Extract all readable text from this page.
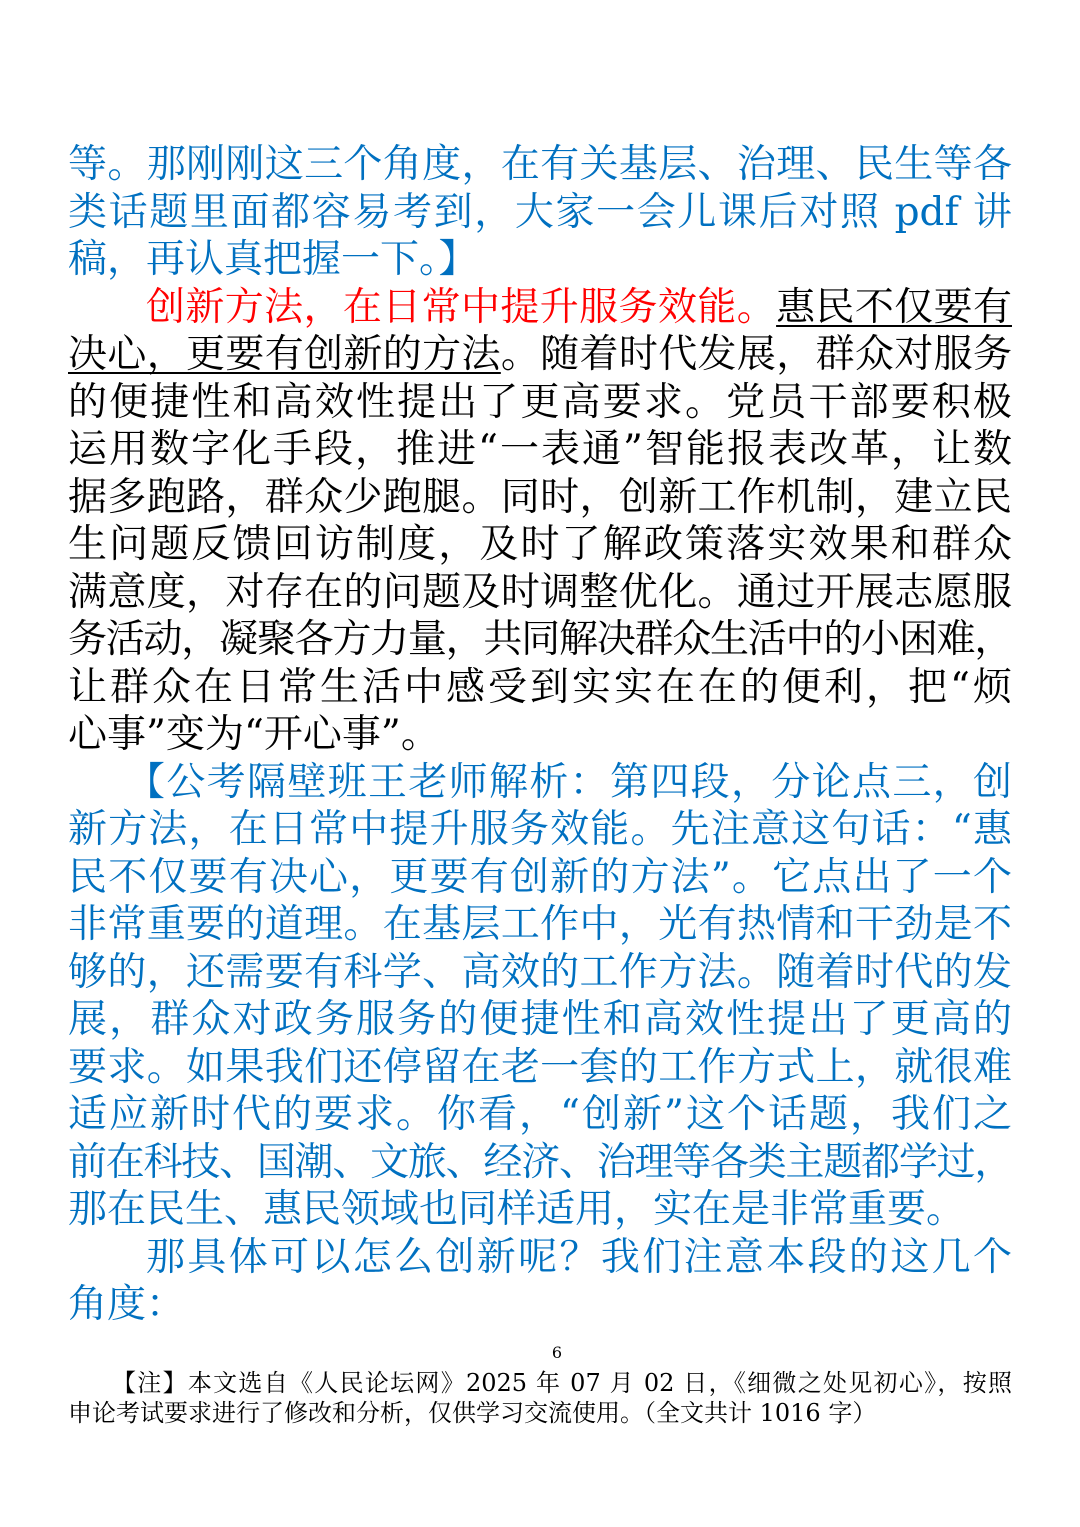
等。那刚刚这三个角度，在有关基层、治理、民生等各
类话题里面都容易考到，大家一会儿课后对照 pdf 讲
稿，再认真把握一下。】
创新方法，在日常中提升服务效能。惠民不仅要有
决心，更要有创新的方法。随着时代发展，群众对服务
的便捷性和高效性提出了更高要求。党员干部要积极
运用数字化手段，推进“一表通”智能报表改革，让数
据多跑路，群众少跑腿。同时，创新工作机制，建立民
生问题反馈回访制度，及时了解政策落实效果和群众
满意度，对存在的问题及时调整优化。通过开展志愿服
务活动，凝聚各方力量，共同解决群众生活中的小困难，
让群众在日常生活中感受到实实在在的便利，把“烦
心事”变为“开心事”。
【公考隔壁班王老师解析：第四段，分论点三，创
新方法，在日常中提升服务效能。先注意这句话：“惠
民不仅要有决心，更要有创新的方法”。它点出了一个
非常重要的道理。在基层工作中，光有热情和干劲是不
够的，还需要有科学、高效的工作方法。随着时代的发
展，群众对政务服务的便捷性和高效性提出了更高的
要求。如果我们还停留在老一套的工作方式上，就很难
适应新时代的要求。你看，“创新”这个话题，我们之
前在科技、国潮、文旅、经济、治理等各类主题都学过，
那在民生、惠民领域也同样适用，实在是非常重要。
那具体可以怎么创新呢？我们注意本段的这几个
角度：
6
【注】本文选自《人民论坛网》2025 年 07 月 02 日，《细微之处见初心》，按照
申论考试要求进行了修改和分析，仅供学习交流使用。（全文共计 1016 字）
